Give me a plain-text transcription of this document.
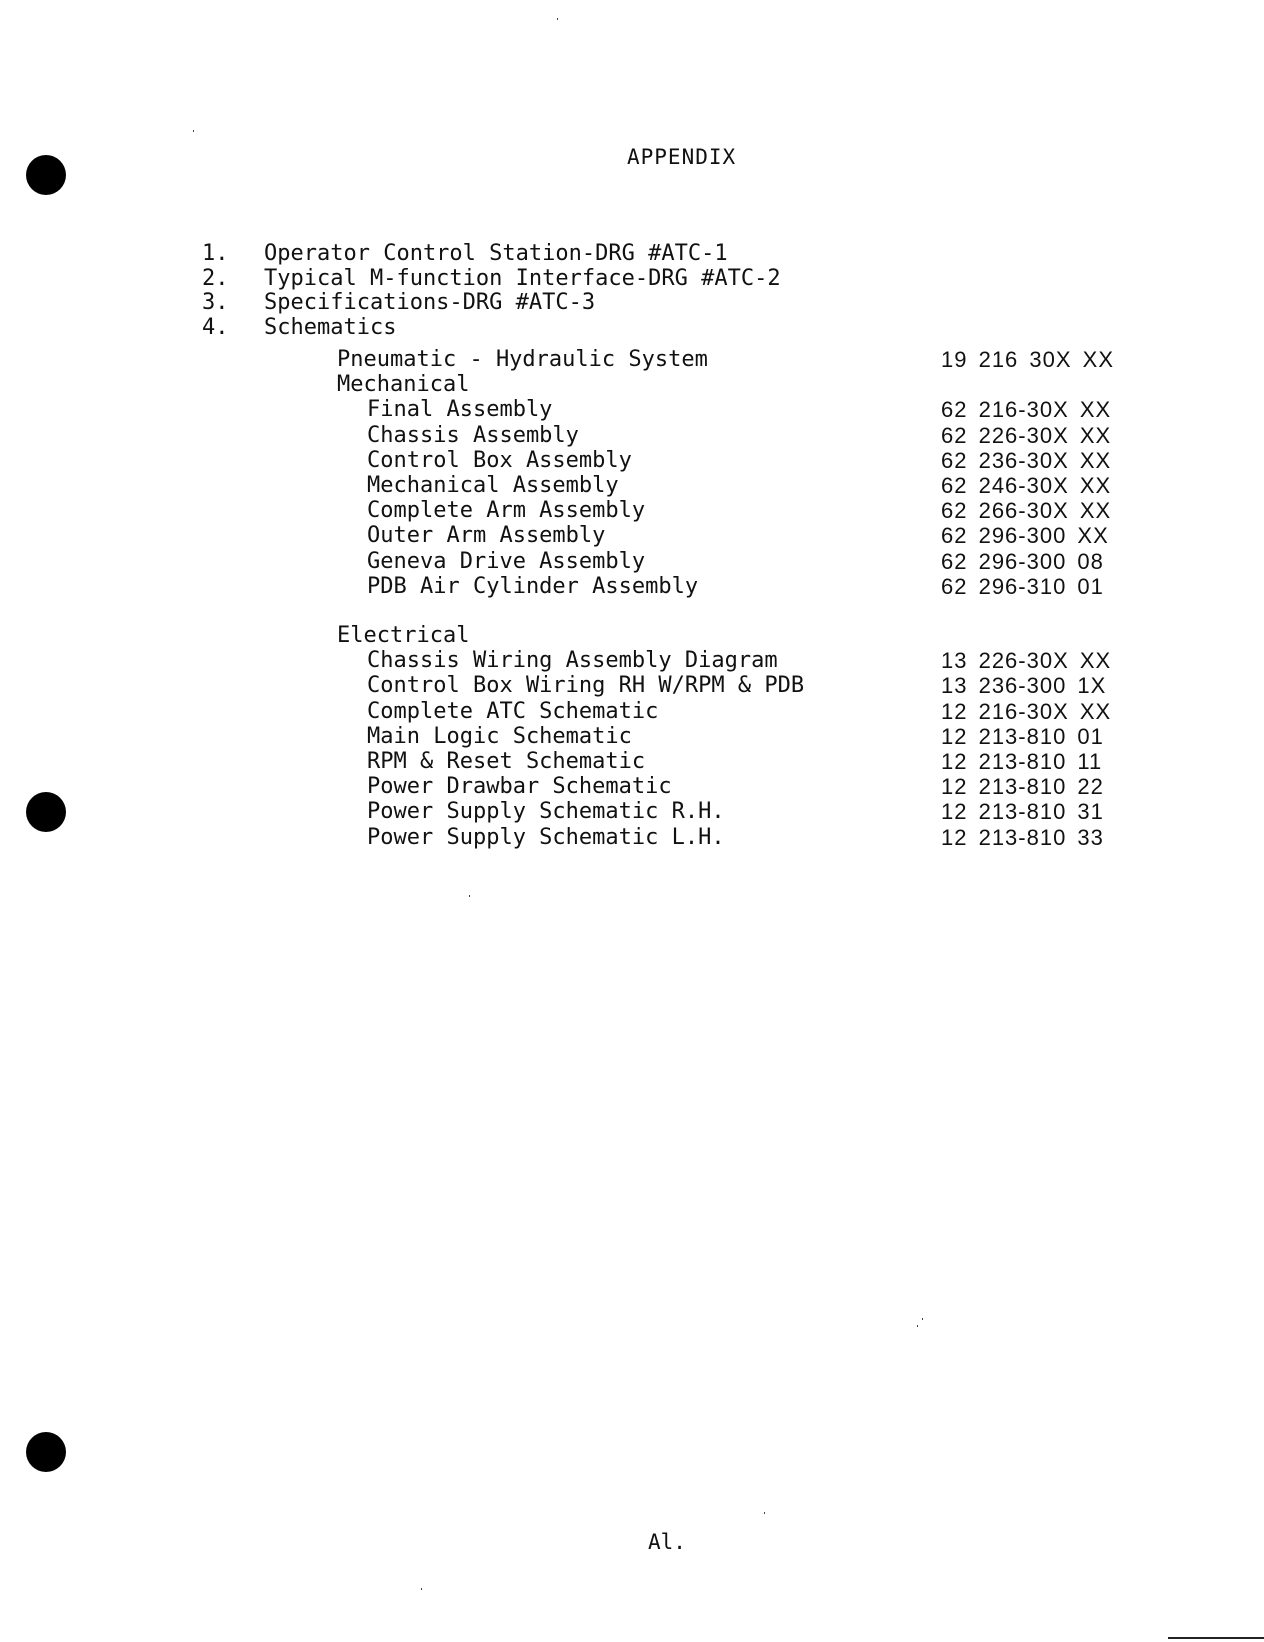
APPENDIX
1.	Operator Control Station-DRG #ATC-1
2.	Typical M-function Interface-DRG #ATC-2
3.	Specifications-DRG #ATC-3
4.	Schematics
Pneumatic - Hydraulic System	19 216 30X XX
Mechanical
Final Assembly	62 216-30X XX
Chassis Assembly	62 226-30X XX
Control Box Assembly	62 236-30X XX
Mechanical Assembly	62 246-30X XX
Complete Arm Assembly	62 266-30X XX
Outer Arm Assembly	62 296-300 XX
Geneva Drive Assembly	62 296-300 08
PDB Air Cylinder Assembly	62 296-310 01
Electrical
Chassis Wiring Assembly Diagram	13 226-30X XX
Control Box Wiring RH W/RPM & PDB	13 236-300 1X
Complete ATC Schematic	12 216-30X XX
Main Logic Schematic	12 213-810 01
RPM & Reset Schematic	12 213-810 11
Power Drawbar Schematic	12 213-810 22
Power Supply Schematic R.H.	12 213-810 31
Power Supply Schematic L.H.	12 213-810 33
Al.
